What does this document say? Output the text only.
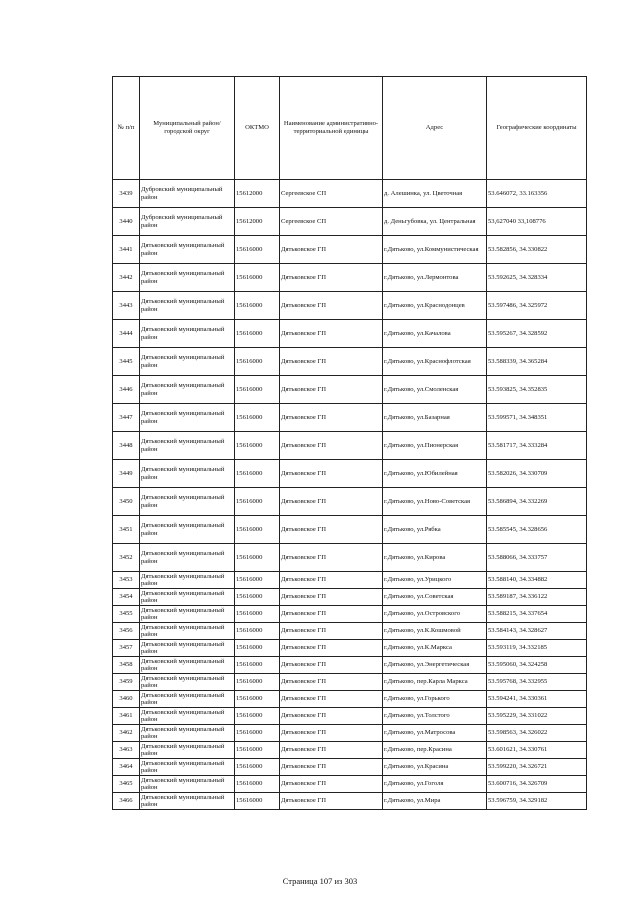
№ п/п	Муниципальный район/городской округ	ОКТМО	Наименование административно-территориальной единицы	Адрес	Географические координаты
3439	Дубровский муниципальный район	15612000	Сергеевское СП	д. Алешинка, ул. Цветочная	53.646072, 33.163356
3440	Дубровский муниципальный район	15612000	Сергеевское СП	д. Деньгубовка, ул. Центральная	53,627040 33,108776
3441	Дятьковский муниципальный район	15616000	Дятьковское ГП	г.Дятьково, ул.Коммунистическая	53.582856, 34.330822
3442	Дятьковский муниципальный район	15616000	Дятьковское ГП	г.Дятьково, ул.Лермонтова	53.592625, 34.328334
3443	Дятьковский муниципальный район	15616000	Дятьковское ГП	г.Дятьково, ул.Краснодонцев	53.597486, 34.325972
3444	Дятьковский муниципальный район	15616000	Дятьковское ГП	г.Дятьково, ул.Качалова	53.595267, 34.328592
3445	Дятьковский муниципальный район	15616000	Дятьковское ГП	г.Дятьково, ул.Краснофлотская	53.588339, 34.365284
3446	Дятьковский муниципальный район	15616000	Дятьковское ГП	г.Дятьково, ул.Смоленская	53.593825, 34.352835
3447	Дятьковский муниципальный район	15616000	Дятьковское ГП	г.Дятьково, ул.Базарная	53.599571, 34.348351
3448	Дятьковский муниципальный район	15616000	Дятьковское ГП	г.Дятьково, ул.Пионерская	53.581717, 34.333284
3449	Дятьковский муниципальный район	15616000	Дятьковское ГП	г.Дятьково, ул.Юбилейная	53.582026, 34.330709
3450	Дятьковский муниципальный район	15616000	Дятьковское ГП	г.Дятьково, ул.Ново-Советская	53.586894, 34.332269
3451	Дятьковский муниципальный район	15616000	Дятьковское ГП	г.Дятьково, ул.Рябка	53.585545, 34.328656
3452	Дятьковский муниципальный район	15616000	Дятьковское ГП	г.Дятьково, ул.Кирова	53.588066, 34.333757
3453	Дятьковский муниципальный район	15616000	Дятьковское ГП	г.Дятьково, ул.Урицкого	53.588140, 34.334882
3454	Дятьковский муниципальный район	15616000	Дятьковское ГП	г.Дятьково, ул.Советская	53.589187, 34.336122
3455	Дятьковский муниципальный район	15616000	Дятьковское ГП	г.Дятьково, ул.Островского	53.588215, 34.337654
3456	Дятьковский муниципальный район	15616000	Дятьковское ГП	г.Дятьково, ул.К.Кошмовой	53.584143, 34.328627
3457	Дятьковский муниципальный район	15616000	Дятьковское ГП	г.Дятьково, ул.К.Маркса	53.593119, 34.332185
3458	Дятьковский муниципальный район	15616000	Дятьковское ГП	г.Дятьково, ул.Энергетическая	53.595060, 34.324258
3459	Дятьковский муниципальный район	15616000	Дятьковское ГП	г.Дятьково, пер.Карла Маркса	53.595768, 34.332955
3460	Дятьковский муниципальный район	15616000	Дятьковское ГП	г.Дятьково, ул.Горького	53.594241, 34.330361
3461	Дятьковский муниципальный район	15616000	Дятьковское ГП	г.Дятьково, ул.Толстого	53.595229, 34.331022
3462	Дятьковский муниципальный район	15616000	Дятьковское ГП	г.Дятьково, ул.Матросова	53.598563, 34.326022
3463	Дятьковский муниципальный район	15616000	Дятьковское ГП	г.Дятьково, пер.Красина	53.601621, 34.330761
3464	Дятьковский муниципальный район	15616000	Дятьковское ГП	г.Дятьково, ул.Красина	53.599220, 34.326721
3465	Дятьковский муниципальный район	15616000	Дятьковское ГП	г.Дятьково, ул.Гоголя	53.600716, 34.326709
3466	Дятьковский муниципальный район	15616000	Дятьковское ГП	г.Дятьково, ул.Мира	53.596759, 34.329182
Страница 107 из 303
